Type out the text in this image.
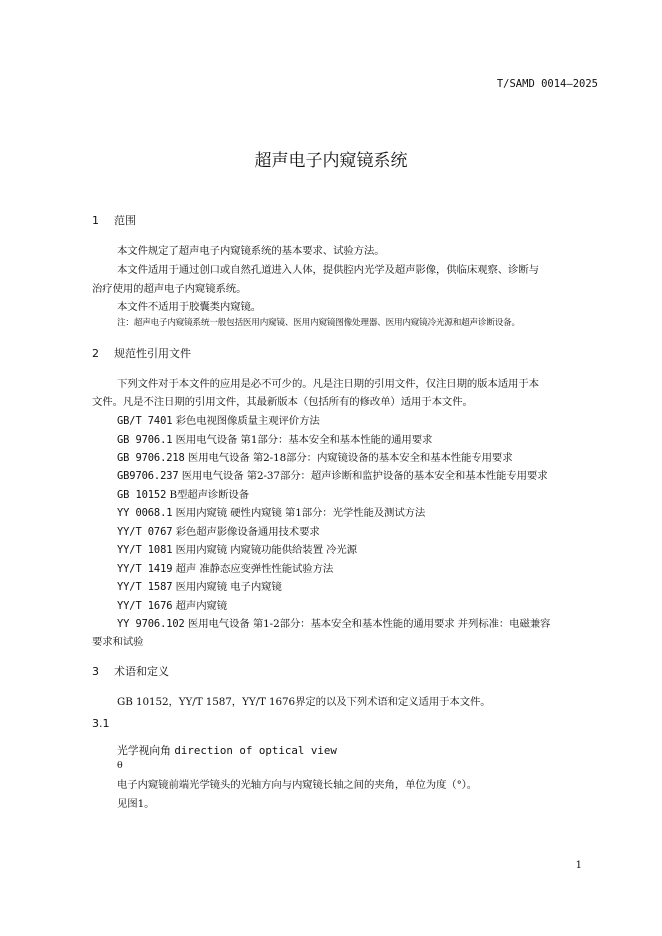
T/SAMD 0014—2025
超声电子内窥镜系统
1 范围
本文件规定了超声电子内窥镜系统的基本要求、试验方法。
本文件适用于通过创口或自然孔道进入人体，提供腔内光学及超声影像，供临床观察、诊断与
治疗使用的超声电子内窥镜系统。
本文件不适用于胶囊类内窥镜。
注：超声电子内窥镜系统一般包括医用内窥镜、医用内窥镜图像处理器、医用内窥镜冷光源和超声诊断设备。
2 规范性引用文件
下列文件对于本文件的应用是必不可少的。凡是注日期的引用文件，仅注日期的版本适用于本
文件。凡是不注日期的引用文件，其最新版本（包括所有的修改单）适用于本文件。
GB/T 7401 彩色电视图像质量主观评价方法
GB 9706.1 医用电气设备 第1部分：基本安全和基本性能的通用要求
GB 9706.218 医用电气设备 第2-18部分：内窥镜设备的基本安全和基本性能专用要求
GB9706.237 医用电气设备 第2-37部分：超声诊断和监护设备的基本安全和基本性能专用要求
GB 10152 B型超声诊断设备
YY 0068.1 医用内窥镜 硬性内窥镜 第1部分：光学性能及测试方法
YY/T 0767 彩色超声影像设备通用技术要求
YY/T 1081 医用内窥镜 内窥镜功能供给装置 冷光源
YY/T 1419 超声 准静态应变弹性性能试验方法
YY/T 1587 医用内窥镜 电子内窥镜
YY/T 1676 超声内窥镜
YY 9706.102 医用电气设备 第1-2部分：基本安全和基本性能的通用要求 并列标准：电磁兼容
要求和试验
3 术语和定义
GB 10152，YY/T 1587，YY/T 1676界定的以及下列术语和定义适用于本文件。
3.1
光学视向角 direction of optical view
θ
电子内窥镜前端光学镜头的光轴方向与内窥镜长轴之间的夹角，单位为度（°）。
见图1。
1
